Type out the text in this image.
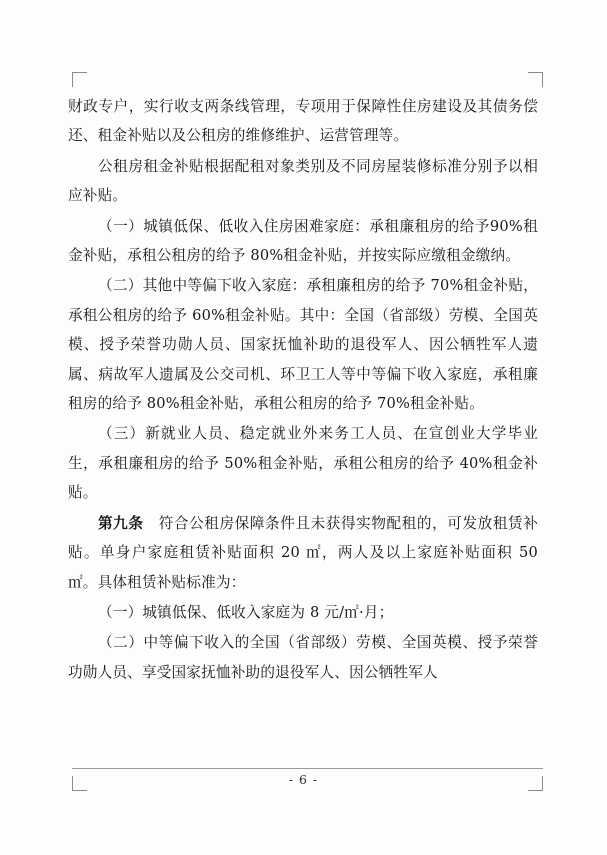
财政专户，实行收支两条线管理，专项用于保障性住房建设及其债务偿还、租金补贴以及公租房的维修维护、运营管理等。

公租房租金补贴根据配租对象类别及不同房屋装修标准分别予以相应补贴。

（一）城镇低保、低收入住房困难家庭：承租廉租房的给予90%租金补贴，承租公租房的给予 80%租金补贴，并按实际应缴租金缴纳。

（二）其他中等偏下收入家庭：承租廉租房的给予 70%租金补贴，承租公租房的给予 60%租金补贴。其中：全国（省部级）劳模、全国英模、授予荣誉功勋人员、国家抚恤补助的退役军人、因公牺牲军人遗属、病故军人遗属及公交司机、环卫工人等中等偏下收入家庭，承租廉租房的给予 80%租金补贴，承租公租房的给予 70%租金补贴。

（三）新就业人员、稳定就业外来务工人员、在宣创业大学毕业生，承租廉租房的给予 50%租金补贴，承租公租房的给予 40%租金补贴。

第九条　符合公租房保障条件且未获得实物配租的，可发放租赁补贴。单身户家庭租赁补贴面积 20 ㎡，两人及以上家庭补贴面积 50 ㎡。具体租赁补贴标准为：

（一）城镇低保、低收入家庭为 8 元/㎡·月；

（二）中等偏下收入的全国（省部级）劳模、全国英模、授予荣誉功勋人员、享受国家抚恤补助的退役军人、因公牺牲军人

- 6 -
